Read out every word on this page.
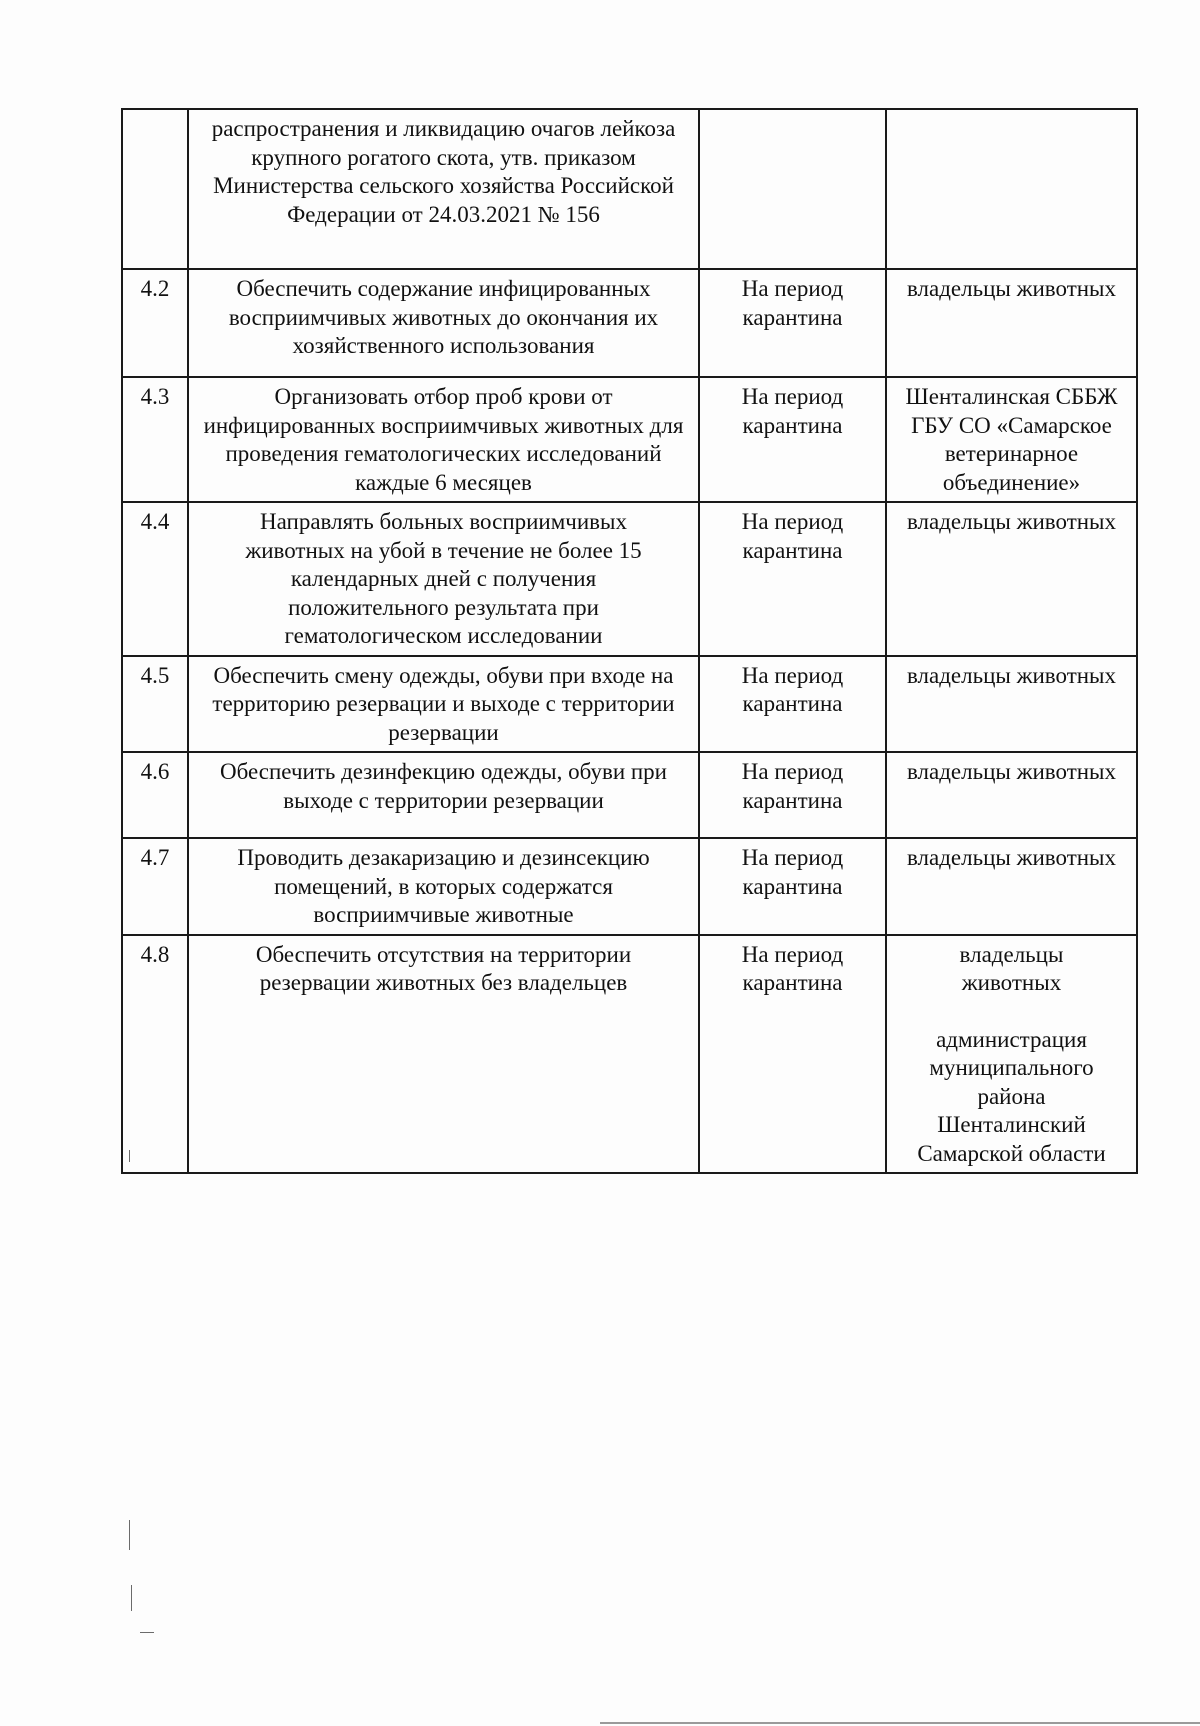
	распространения и ликвидацию очагов лейкоза крупного рогатого скота, утв. приказом Министерства сельского хозяйства Российской Федерации от 24.03.2021 № 156		
4.2	Обеспечить содержание инфицированных восприимчивых животных до окончания их хозяйственного использования	На период карантина	владельцы животных

4.3	Организовать отбор проб крови от инфицированных восприимчивых животных для проведения гематологических исследований каждые 6 месяцев	На период карантина	Шенталинская СББЖ ГБУ СО «Самарское ветеринарное объединение»

4.4	Направлять больных восприимчивых животных на убой в течение не более 15 календарных дней с получения положительного результата при гематологическом исследовании	На период карантина	владельцы животных

4.5	Обеспечить смену одежды, обуви при входе на территорию резервации и выходе с территории резервации	На период карантина	владельцы животных

4.6	Обеспечить дезинфекцию одежды, обуви при выходе с территории резервации	На период карантина	владельцы животных

4.7	Проводить дезакаризацию и дезинсекцию помещений, в которых содержатся восприимчивые животные	На период карантина	владельцы животных

4.8	Обеспечить отсутствия на территории резервации животных без владельцев	На период карантина	владельцы животных
администрация муниципального района Шенталинский Самарской области
